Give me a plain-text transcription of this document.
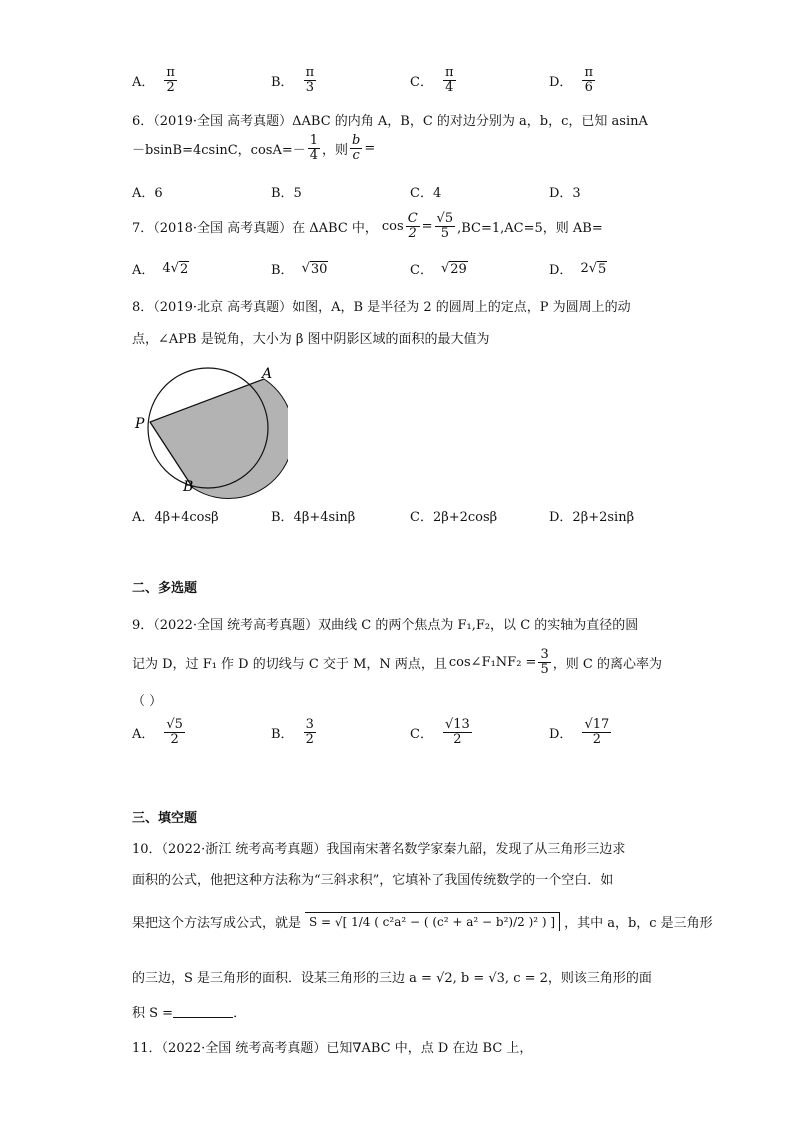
A． $\frac{\pi}{2}$	B． $\frac{\pi}{3}$	C． $\frac{\pi}{4}$	D． $\frac{\pi}{6}$
6．（2019·全国 高考真题）ΔABC 的内角 A，B，C 的对边分别为 a，b，c，已知 asinA
－bsinB=4csinC，$\cos A=- \frac{1}{4}$ ，则 $\frac{b}{c}$ =
A．6	B．5	C．4	D．3
7．（2018·全国 高考真题）在 ΔABC 中， $\cos \frac{C}{2} = \frac{√5}{5} ,BC=1,AC=5$，则 AB=
A． 4 √ 2	B． √ 30	C． √ 29	D． 2 √ 5
8．（2019·北京 高考真题）如图，A，B 是半径为 2 的圆周上的定点，P 为圆周上的动
点，∠APB 是锐角，大小为 β 图中阴影区域的面积的最大值为
P
A
B
A．4β+4cosβ	B．4β+4sinβ	C．2β+2cosβ	D．2β+2sinβ
二、多选题
9．（2022·全国 统考高考真题）双曲线 C 的两个焦点为 F₁,F₂，以 C 的实轴为直径的圆
记为 D，过 F₁ 作 D 的切线与 C 交于 M，N 两点，且 cos∠F₁NF₂ = $\frac{3}{5}$ ，则 C 的离心率为
（ ）
A． $\frac{√5}{2}$	B． $\frac{3}{2}$	C． $\frac{√13}{2}$	D． $\frac{√17}{2}$
三、填空题
10．（2022·浙江 统考高考真题）我国南宋著名数学家秦九韶，发现了从三角形三边求
面积的公式，他把这种方法称为“三斜求积”，它填补了我国传统数学的一个空白．如
果把这个方法写成公式，就是 S = √[ 1/4 ( c²a² − ( (c² + a² − b²)/2 )² ) ] ，其中 a，b，c 是三角形
的三边，S 是三角形的面积．设某三角形的三边 a = √2, b = √3, c = 2，则该三角形的面
积 S =	．
11．（2022·全国 统考高考真题）已知∇ABC 中，点 D 在边 BC 上，
